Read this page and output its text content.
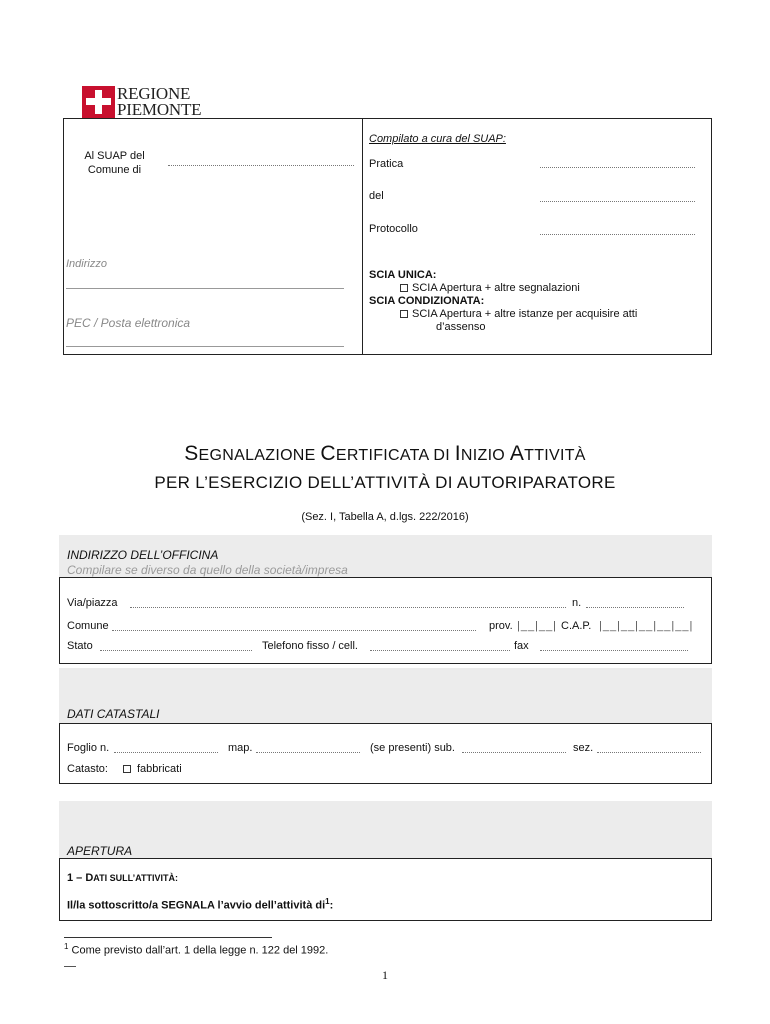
REGIONE
PIEMONTE
Al SUAP del
Comune di
Indirizzo
PEC / Posta elettronica
Compilato a cura del SUAP:
Pratica
del
Protocollo
SCIA UNICA:
SCIA Apertura + altre segnalazioni
SCIA CONDIZIONATA:
SCIA Apertura + altre istanze per acquisire atti
d’assenso
SEGNALAZIONE CERTIFICATA DI INIZIO ATTIVITÀ
PER L’ESERCIZIO DELL’ATTIVITÀ DI AUTORIPARATORE
(Sez. I, Tabella A, d.lgs. 222/2016)
INDIRIZZO DELL’OFFICINA
Compilare se diverso da quello della società/impresa
Via/piazza	n.
Comune	prov. |__|__| C.A.P. |__|__|__|__|__|
Stato	Telefono fisso / cell.	fax
DATI CATASTALI
Foglio n.	map.	(se presenti) sub.	sez.
Catasto:	fabbricati
APERTURA
1 – DATI SULL’ATTIVITÀ:
Il/la sottoscritto/a SEGNALA l’avvio dell’attività $di^1$:
$^1$ Come previsto dall’art. 1 della legge n. 122 del 1992.
1
